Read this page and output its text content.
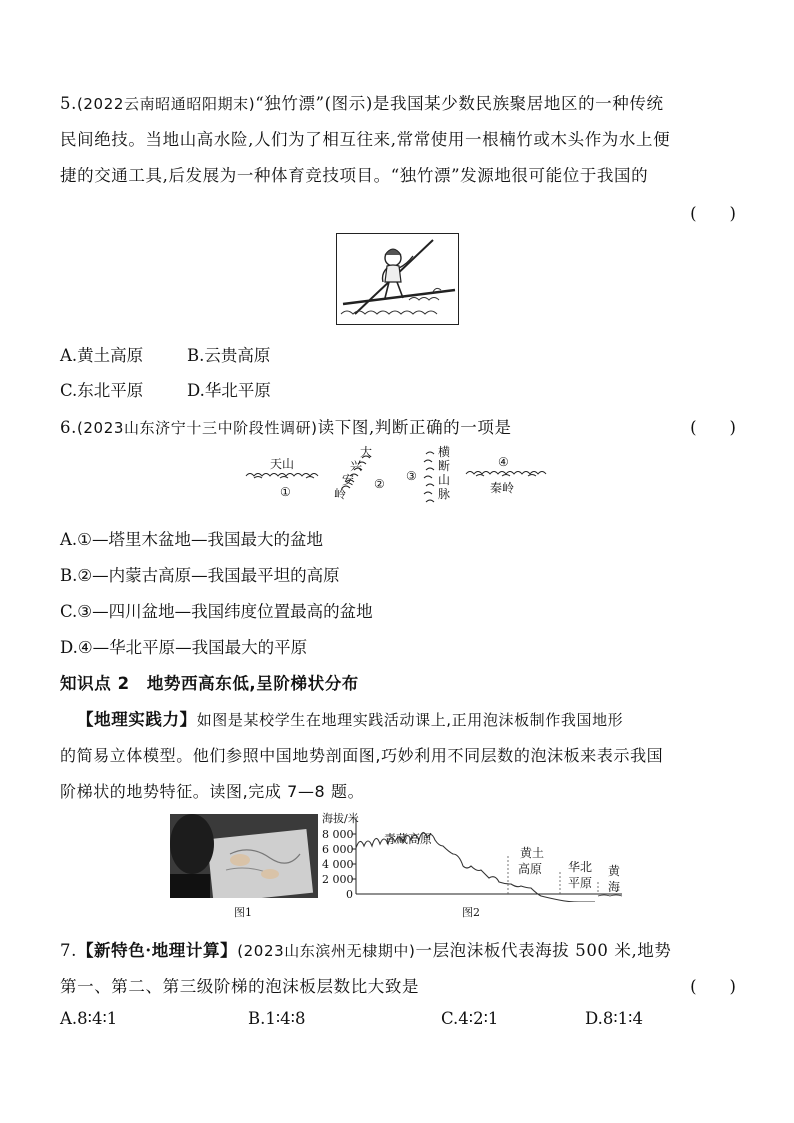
5.(2022云南昭通昭阳期末)“独竹漂”(图示)是我国某少数民族聚居地区的一种传统
民间绝技。当地山高水险,人们为了相互往来,常常使用一根楠竹或木头作为水上便
捷的交通工具,后发展为一种体育竞技项目。“独竹漂”发源地很可能位于我国的
(　　)
A.黄土高原	B.云贵高原
C.东北平原	D.华北平原
6.(2023山东济宁十三中阶段性调研)读下图,判断正确的一项是	(　　)
天山
①
大
兴
安
岭
②
③
横
断
山
脉
④
秦岭
A.①—塔里木盆地—我国最大的盆地
B.②—内蒙古高原—我国最平坦的高原
C.③—四川盆地—我国纬度位置最高的盆地
D.④—华北平原—我国最大的平原
知识点 2　地势西高东低,呈阶梯状分布
【地理实践力】如图是某校学生在地理实践活动课上,正用泡沫板制作我国地形
的简易立体模型。他们参照中国地势剖面图,巧妙利用不同层数的泡沫板来表示我国
阶梯状的地势特征。读图,完成 7—8 题。
图1
海拔/米
8 000
6 000
4 000
2 000
0
青藏高原
黄土
高原 华北
平原
黄
海
图2
7.【新特色·地理计算】(2023山东滨州无棣期中)一层泡沫板代表海拔 500 米,地势
第一、第二、第三级阶梯的泡沫板层数比大致是	(　　)
A.8∶4∶1	B.1∶4∶8	C.4∶2∶1	D.8∶1∶4
